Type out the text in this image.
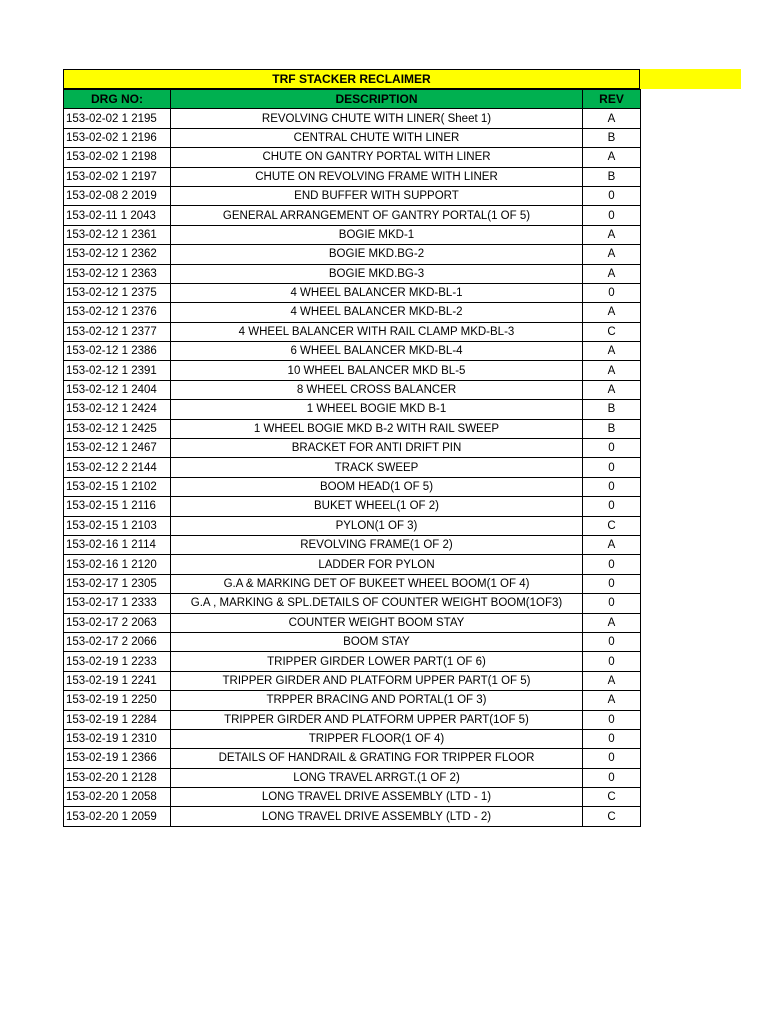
TRF STACKER RECLAIMER
DRG NO:	DESCRIPTION	REV
153-02-02 1 2195	REVOLVING CHUTE WITH LINER( Sheet 1)	A
153-02-02 1 2196	CENTRAL CHUTE WITH LINER	B
153-02-02 1 2198	CHUTE ON GANTRY PORTAL WITH LINER	A
153-02-02 1 2197	CHUTE ON REVOLVING FRAME WITH LINER	B
153-02-08 2 2019	END BUFFER WITH SUPPORT	0
153-02-11 1 2043	GENERAL ARRANGEMENT OF GANTRY PORTAL(1 OF 5)	0
153-02-12 1 2361	BOGIE MKD-1	A
153-02-12 1 2362	BOGIE MKD.BG-2	A
153-02-12 1 2363	BOGIE MKD.BG-3	A
153-02-12 1 2375	4 WHEEL BALANCER MKD-BL-1	0
153-02-12 1 2376	4 WHEEL BALANCER MKD-BL-2	A
153-02-12 1 2377	4 WHEEL BALANCER WITH RAIL CLAMP MKD-BL-3	C
153-02-12 1 2386	6 WHEEL BALANCER MKD-BL-4	A
153-02-12 1 2391	10 WHEEL BALANCER MKD BL-5	A
153-02-12 1 2404	8 WHEEL CROSS BALANCER	A
153-02-12 1 2424	1 WHEEL BOGIE MKD B-1	B
153-02-12 1 2425	1 WHEEL BOGIE MKD B-2 WITH RAIL SWEEP	B
153-02-12 1 2467	BRACKET FOR ANTI DRIFT PIN	0
153-02-12 2 2144	TRACK SWEEP	0
153-02-15 1 2102	BOOM HEAD(1 OF 5)	0
153-02-15 1 2116	BUKET WHEEL(1 OF 2)	0
153-02-15 1 2103	PYLON(1 OF 3)	C
153-02-16 1 2114	REVOLVING FRAME(1 OF 2)	A
153-02-16 1 2120	LADDER FOR PYLON	0
153-02-17 1 2305	G.A & MARKING DET OF BUKEET WHEEL BOOM(1 OF 4)	0
153-02-17 1 2333	G.A , MARKING & SPL.DETAILS OF COUNTER WEIGHT BOOM(1OF3)	0
153-02-17 2 2063	COUNTER WEIGHT BOOM STAY	A
153-02-17 2 2066	BOOM STAY	0
153-02-19 1 2233	TRIPPER GIRDER LOWER PART(1 OF 6)	0
153-02-19 1 2241	TRIPPER GIRDER AND PLATFORM UPPER PART(1 OF 5)	A
153-02-19 1 2250	TRPPER BRACING AND PORTAL(1 OF 3)	A
153-02-19 1 2284	TRIPPER GIRDER AND PLATFORM UPPER PART(1OF 5)	0
153-02-19 1 2310	TRIPPER FLOOR(1 OF 4)	0
153-02-19 1 2366	DETAILS OF HANDRAIL & GRATING FOR TRIPPER FLOOR	0
153-02-20 1 2128	LONG TRAVEL ARRGT.(1 OF 2)	0
153-02-20 1 2058	LONG TRAVEL DRIVE ASSEMBLY (LTD - 1)	C
153-02-20 1 2059	LONG TRAVEL DRIVE ASSEMBLY (LTD - 2)	C
